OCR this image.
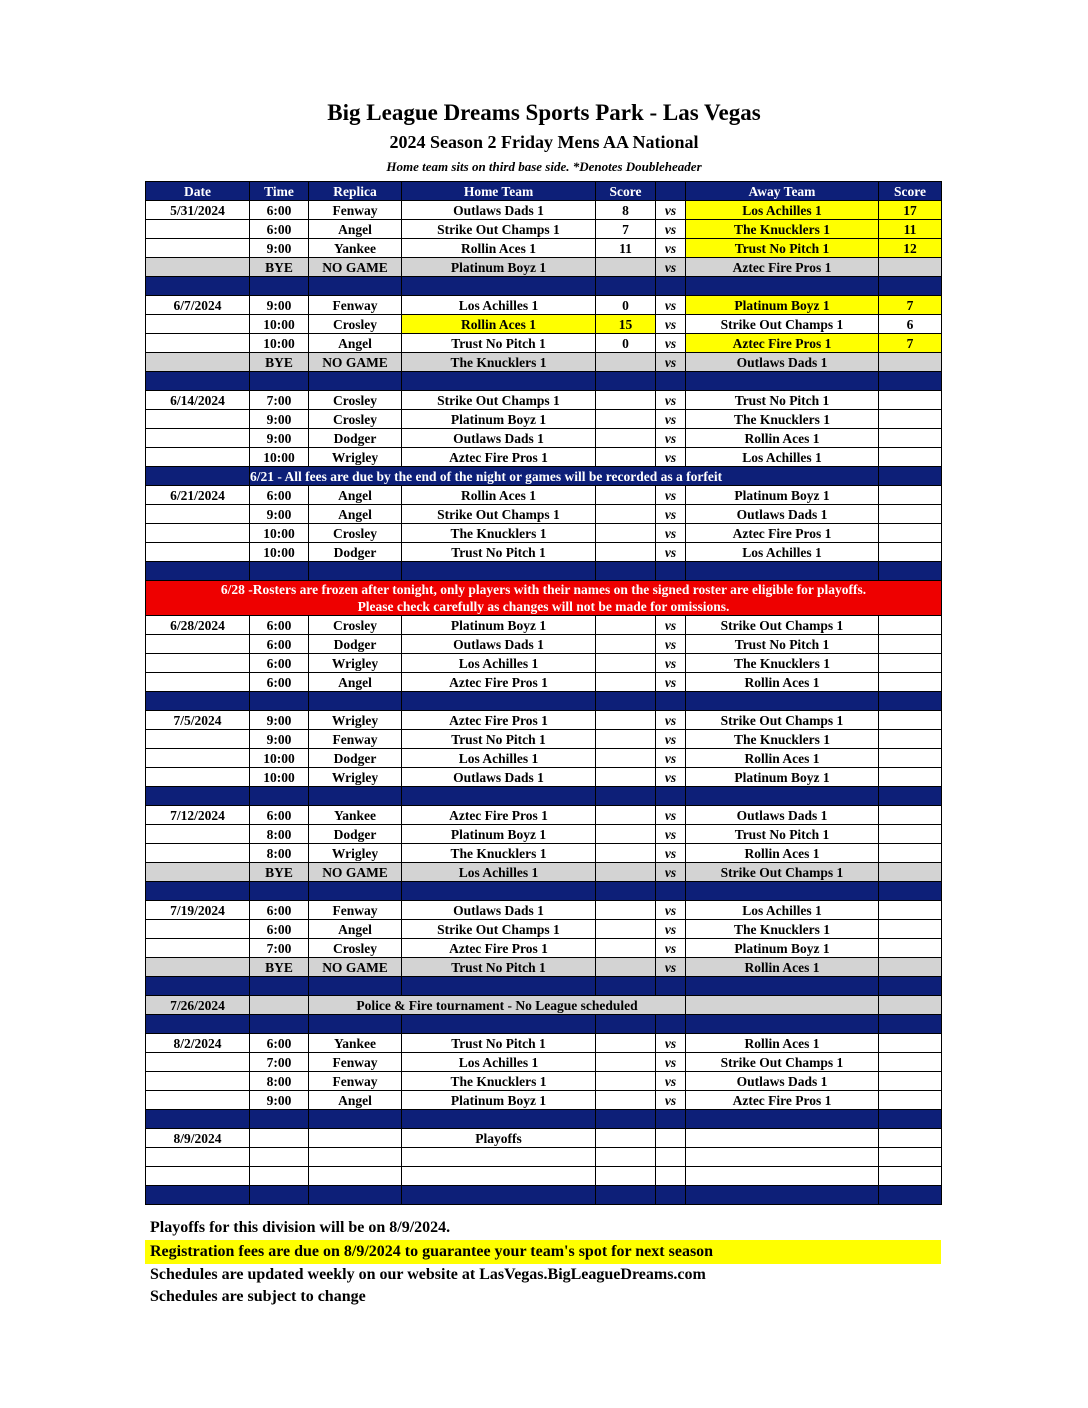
Big League Dreams Sports Park - Las Vegas
2024 Season 2 Friday Mens AA National
Home team sits on third base side. *Denotes Doubleheader
Date	Time	Replica	Home Team	Score		Away Team	Score
5/31/2024	6:00	Fenway	Outlaws Dads 1	8	vs	Los Achilles 1	17
	6:00	Angel	Strike Out Champs 1	7	vs	The Knucklers 1	11
	9:00	Yankee	Rollin Aces 1	11	vs	Trust No Pitch 1	12
	BYE	NO GAME	Platinum Boyz 1		vs	Aztec Fire Pros 1	

6/7/2024	9:00	Fenway	Los Achilles 1	0	vs	Platinum Boyz 1	7
	10:00	Crosley	Rollin Aces 1	15	vs	Strike Out Champs 1	6
	10:00	Angel	Trust No Pitch 1	0	vs	Aztec Fire Pros 1	7
	BYE	NO GAME	The Knucklers 1		vs	Outlaws Dads 1	

6/14/2024	7:00	Crosley	Strike Out Champs 1		vs	Trust No Pitch 1	
	9:00	Crosley	Platinum Boyz 1		vs	The Knucklers 1	
	9:00	Dodger	Outlaws Dads 1		vs	Rollin Aces 1	
	10:00	Wrigley	Aztec Fire Pros 1		vs	Los Achilles 1	
	6/21 - All fees are due by the end of the night or games will be recorded as a forfeit						
6/21/2024	6:00	Angel	Rollin Aces 1		vs	Platinum Boyz 1	
	9:00	Angel	Strike Out Champs 1		vs	Outlaws Dads 1	
	10:00	Crosley	The Knucklers 1		vs	Aztec Fire Pros 1	
	10:00	Dodger	Trust No Pitch 1		vs	Los Achilles 1	

6/28 -Rosters are frozen after tonight, only players with their names on the signed roster are eligible for playoffs.
Please check carefully as changes will not be made for omissions.							

6/28/2024	6:00	Crosley	Platinum Boyz 1		vs	Strike Out Champs 1	
	6:00	Dodger	Outlaws Dads 1		vs	Trust No Pitch 1	
	6:00	Wrigley	Los Achilles 1		vs	The Knucklers 1	
	6:00	Angel	Aztec Fire Pros 1		vs	Rollin Aces 1	

7/5/2024	9:00	Wrigley	Aztec Fire Pros 1		vs	Strike Out Champs 1	
	9:00	Fenway	Trust No Pitch 1		vs	The Knucklers 1	
	10:00	Dodger	Los Achilles 1		vs	Rollin Aces 1	
	10:00	Wrigley	Outlaws Dads 1		vs	Platinum Boyz 1	

7/12/2024	6:00	Yankee	Aztec Fire Pros 1		vs	Outlaws Dads 1	
	8:00	Dodger	Platinum Boyz 1		vs	Trust No Pitch 1	
	8:00	Wrigley	The Knucklers 1		vs	Rollin Aces 1	
	BYE	NO GAME	Los Achilles 1		vs	Strike Out Champs 1	

7/19/2024	6:00	Fenway	Outlaws Dads 1		vs	Los Achilles 1	
	6:00	Angel	Strike Out Champs 1		vs	The Knucklers 1	
	7:00	Crosley	Aztec Fire Pros 1		vs	Platinum Boyz 1	
	BYE	NO GAME	Trust No Pitch 1		vs	Rollin Aces 1	

7/26/2024		Police & Fire tournament - No League scheduled					

8/2/2024	6:00	Yankee	Trust No Pitch 1		vs	Rollin Aces 1	
	7:00	Fenway	Los Achilles 1		vs	Strike Out Champs 1	
	8:00	Fenway	The Knucklers 1		vs	Outlaws Dads 1	
	9:00	Angel	Platinum Boyz 1		vs	Aztec Fire Pros 1	

8/9/2024			Playoffs				

Playoffs for this division will be on 8/9/2024.
Registration fees are due on 8/9/2024 to guarantee your team's spot for next season
Schedules are updated weekly on our website at LasVegas.BigLeagueDreams.com
Schedules are subject to change
